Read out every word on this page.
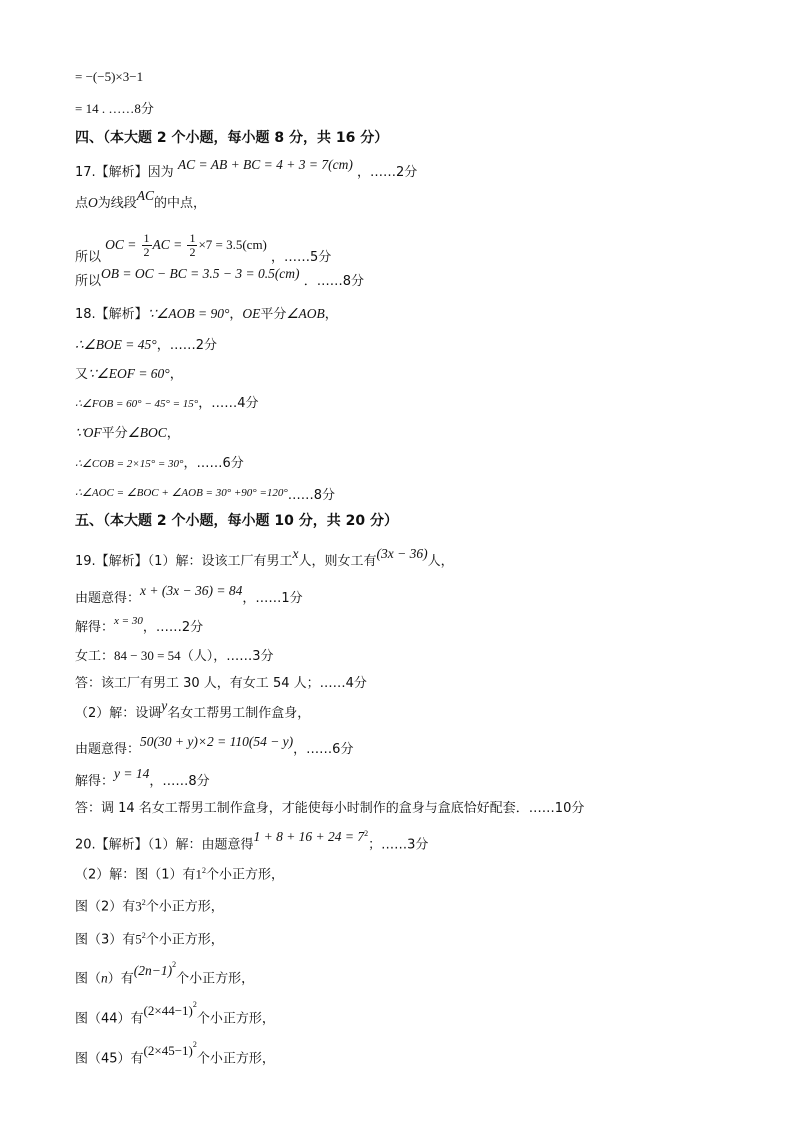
= −(−5)×3−1
= 14 . ……8分
四、（本大题 2 个小题，每小题 8 分，共 16 分）
17.【解析】因为 AC = AB + BC = 4 + 3 = 7(cm) ，……2分
点O为线段AC的中点，
所以 OC = $\frac{1}{2}$ AC = $\frac{1}{2} \times 7 = 3.5(cm)$ ，……5分
所以OB = OC − BC = 3.5 − 3 = 0.5(cm) ．……8分
18.【解析】∵∠AOB = 90°，OE平分∠AOB，
∴∠BOE = 45°，……2分
又∵∠EOF = 60°，
∴∠FOB = 60° − 45° = 15°，……4分
∵OF平分∠BOC，
∴∠COB = 2×15° = 30°，……6分
∴∠AOC = ∠BOC + ∠AOB = 30° +90° =120°……8分
五、（本大题 2 个小题，每小题 10 分，共 20 分）
19.【解析】（1）解：设该工厂有男工x人，则女工有(3x − 36)人，
由题意得：x + (3x − 36) = 84，……1分
解得：$^{x = 30}$，……2分
女工：84 − 30 = 54（人），……3分
答：该工厂有男工 30 人，有女工 54 人；……4分
（2）解：设调y名女工帮男工制作盒身，
由题意得：50(30 + y)×2 = 110(54 − y)，……6分
解得：y = 14，……8分
答：调 14 名女工帮男工制作盒身，才能使每小时制作的盒身与盒底恰好配套．……10分
20.【解析】（1）解：由题意得$1 + 8 + 16 + 24 = 7^2$；……3分
（2）解：图（1）有$1^2$个小正方形，
图（2）有$3^2$个小正方形，
图（3）有$5^2$个小正方形，
图（n）有$(2n-1)^2$个小正方形，
图（44）有$(2\times 44-1)^2$个小正方形，
图（45）有$(2\times 45-1)^2$个小正方形，
